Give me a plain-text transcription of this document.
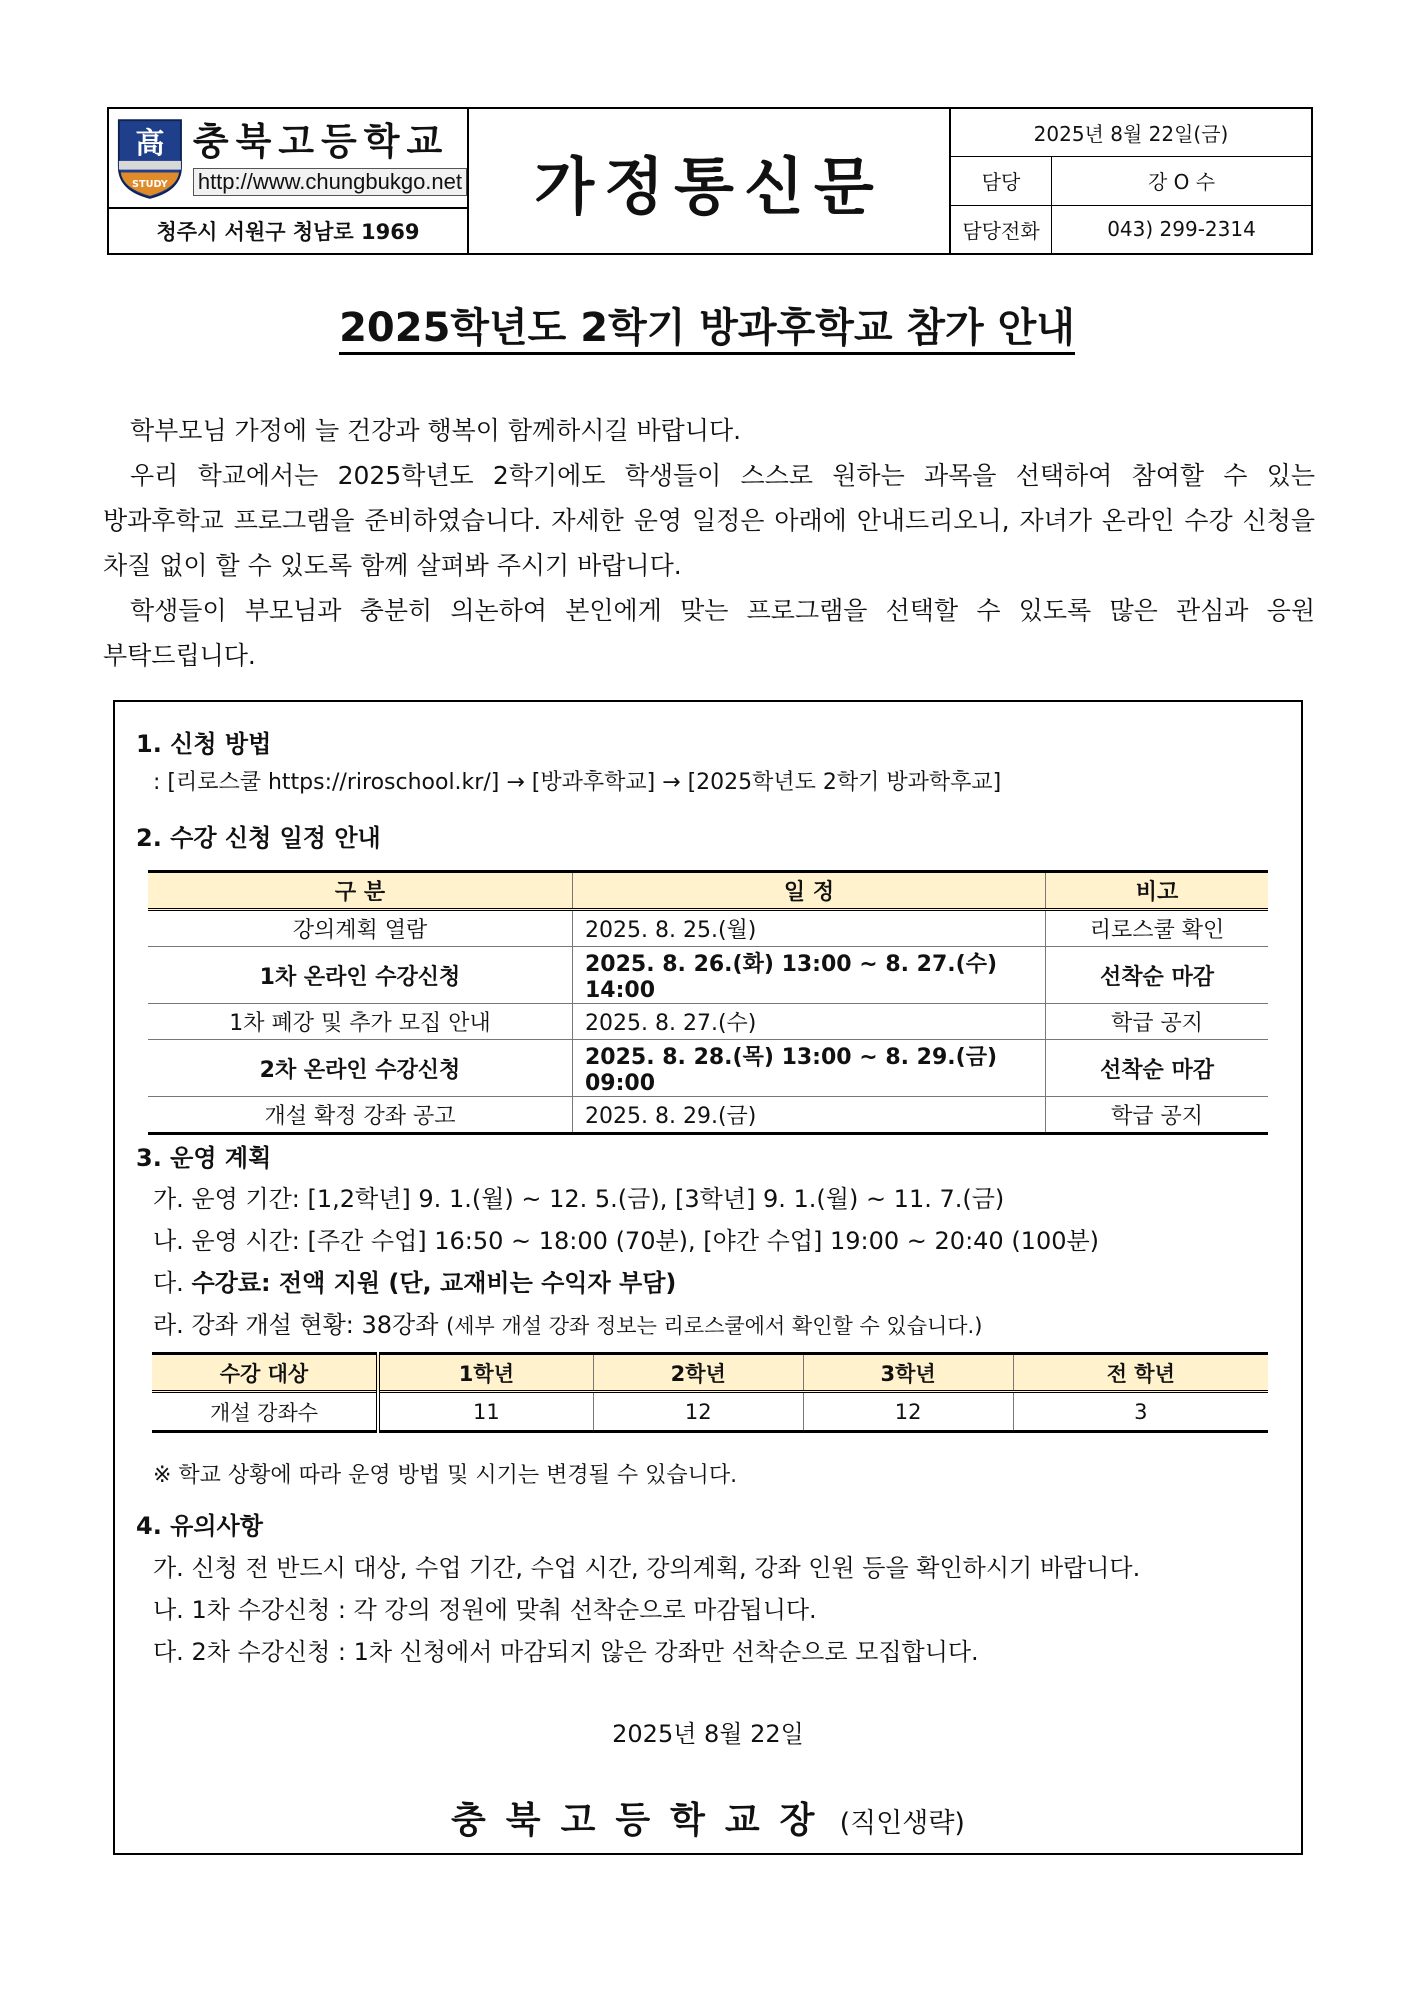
高
STUDY
충북고등학교
http://www.chungbukgo.net
청주시 서원구 청남로 1969
가정통신문
2025년 8월 22일(금)
담당	강 O 수
담당전화	043) 299-2314
2025학년도 2학기 방과후학교 참가 안내

학부모님 가정에 늘 건강과 행복이 함께하시길 바랍니다.

우리 학교에서는 2025학년도 2학기에도 학생들이 스스로 원하는 과목을 선택하여 참여할 수 있는 방과후학교 프로그램을 준비하였습니다. 자세한 운영 일정은 아래에 안내드리오니, 자녀가 온라인 수강 신청을 차질 없이 할 수 있도록 함께 살펴봐 주시기 바랍니다.

학생들이 부모님과 충분히 의논하여 본인에게 맞는 프로그램을 선택할 수 있도록 많은 관심과 응원 부탁드립니다.

1. 신청 방법
: [리로스쿨 https://riroschool.kr/] → [방과후학교] → [2025학년도 2학기 방과학후교]
2. 수강 신청 일정 안내
구 분	일 정	비고
강의계획 열람	2025. 8. 25.(월)	리로스쿨 확인
1차 온라인 수강신청	2025. 8. 26.(화) 13:00 ~ 8. 27.(수) 14:00	선착순 마감
1차 폐강 및 추가 모집 안내	2025. 8. 27.(수)	학급 공지
2차 온라인 수강신청	2025. 8. 28.(목) 13:00 ~ 8. 29.(금) 09:00	선착순 마감
개설 확정 강좌 공고	2025. 8. 29.(금)	학급 공지
3. 운영 계획
가. 운영 기간: [1,2학년] 9. 1.(월) ~ 12. 5.(금), [3학년] 9. 1.(월) ~ 11. 7.(금)
나. 운영 시간: [주간 수업] 16:50 ~ 18:00 (70분), [야간 수업] 19:00 ~ 20:40 (100분)
다. 수강료: 전액 지원 (단, 교재비는 수익자 부담)
라. 강좌 개설 현황: 38강좌 (세부 개설 강좌 정보는 리로스쿨에서 확인할 수 있습니다.)
수강 대상	1학년	2학년	3학년	전 학년
개설 강좌수	11	12	12	3
※ 학교 상황에 따라 운영 방법 및 시기는 변경될 수 있습니다.
4. 유의사항
가. 신청 전 반드시 대상, 수업 기간, 수업 시간, 강의계획, 강좌 인원 등을 확인하시기 바랍니다.
나. 1차 수강신청 : 각 강의 정원에 맞춰 선착순으로 마감됩니다.
다. 2차 수강신청 : 1차 신청에서 마감되지 않은 강좌만 선착순으로 모집합니다.
2025년 8월 22일
충북고등학교장 (직인생략)
